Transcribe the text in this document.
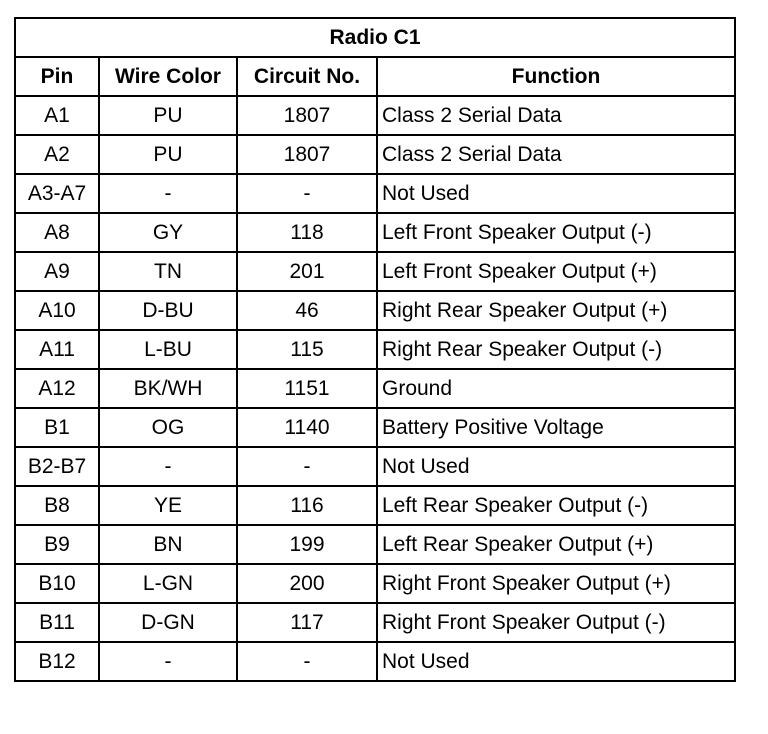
Radio C1			
Pin	Wire Color	Circuit No.	Function
A1	PU	1807	Class 2 Serial Data
A2	PU	1807	Class 2 Serial Data
A3-A7	-	-	Not Used
A8	GY	118	Left Front Speaker Output (-)
A9	TN	201	Left Front Speaker Output (+)
A10	D-BU	46	Right Rear Speaker Output (+)
A11	L-BU	115	Right Rear Speaker Output (-)
A12	BK/WH	1151	Ground
B1	OG	1140	Battery Positive Voltage
B2-B7	-	-	Not Used
B8	YE	116	Left Rear Speaker Output (-)
B9	BN	199	Left Rear Speaker Output (+)
B10	L-GN	200	Right Front Speaker Output (+)
B11	D-GN	117	Right Front Speaker Output (-)
B12	-	-	Not Used
